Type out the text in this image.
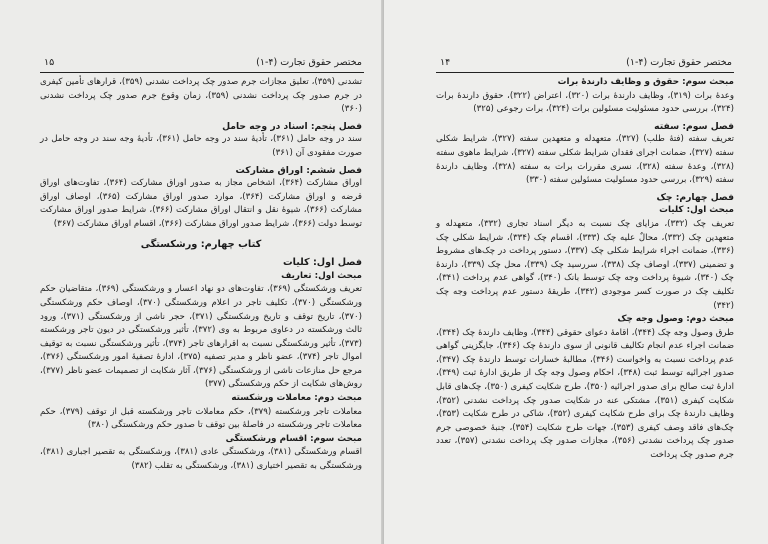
مختصر حقوق تجارت (۴-۱)
۱۵

تشدنی (۳۵۹)، تعلیق مجازات جرم صدور چک پرداخت نشدنی (۳۵۹)، قرارهای تأمین کیفری در جرم صدور چک پرداخت نشدنی (۳۵۹)، زمان وقوع جرم صدور چک پرداخت نشدنی (۳۶۰)

فصل پنجم: اسناد در وجه حامل

سند در وجه حامل (۳۶۱)، تأدیهٔ سند در وجه حامل (۳۶۱)، تأدیهٔ وجه سند در وجه حامل در صورت مفقودی آن (۳۶۱)

فصل ششم: اوراق مشارکت

اوراق مشارکت (۳۶۴)، اشخاص مجاز به صدور اوراق مشارکت (۳۶۴)، تفاوت‌های اوراق قرضه و اوراق مشارکت (۳۶۴)، موارد صدور اوراق مشارکت (۳۶۵)، اوصاف اوراق مشارکت (۳۶۶)، شیوهٔ نقل و انتقال اوراق مشارکت (۳۶۶)، شرایط صدور اوراق مشارکت توسط دولت (۳۶۶)، شرایط صدور اوراق مشارکت (۳۶۶)، اقسام اوراق مشارکت (۳۶۷)

کتاب چهارم: ورشکستگی

فصل اول: کلیات

مبحث اول: تعاریف

تعریف ورشکستگی (۳۶۹)، تفاوت‌های دو نهاد اعسار و ورشکستگی (۳۶۹)، متقاضیان حکم ورشکستگی (۳۷۰)، تکلیف تاجر در اعلام ورشکستگی (۳۷۰)، اوصاف حکم ورشکستگی (۳۷۰)، تاریخ توقف و تاریخ ورشکستگی (۳۷۱)، حجر ناشی از ورشکستگی (۳۷۱)، ورود ثالث ورشکسته در دعاوی مربوط به وی (۳۷۲)، تأثیر ورشکستگی در دیون تاجر ورشکسته (۳۷۳)، تأثیر ورشکستگی نسبت به اقرارهای تاجر (۳۷۴)، تأثیر ورشکستگی نسبت به توقیف اموال تاجر (۳۷۴)، عضو ناظر و مدیر تصفیه (۳۷۵)، ادارهٔ تصفیهٔ امور ورشکستگی (۳۷۶)، مرجع حل منازعات ناشی از ورشکستگی (۳۷۶)، آثار شکایت از تصمیمات عضو ناظر (۳۷۷)، روش‌های شکایت از حکم ورشکستگی (۳۷۷)

مبحث دوم: معاملات ورشکسته

معاملات تاجر ورشکسته (۳۷۹)، حکم معاملات تاجر ورشکسته قبل از توقف (۳۷۹)، حکم معاملات تاجر ورشکسته در فاصلهٔ بین توقف تا صدور حکم ورشکستگی (۳۸۰)

مبحث سوم: اقسام ورشکستگی

اقسام ورشکستگی (۳۸۱)، ورشکستگی عادی (۳۸۱)، ورشکستگی به تقصیر اجباری (۳۸۱)، ورشکستگی به تقصیر اختیاری (۳۸۱)، ورشکستگی به تقلب (۳۸۲)

مختصر حقوق تجارت (۴-۱)
۱۴

مبحث سوم: حقوق و وظایف دارندهٔ برات

وعدهٔ برات (۳۱۹)، وظایف دارندهٔ برات (۳۲۰)، اعتراض (۳۲۲)، حقوق دارندهٔ برات (۳۲۴)، بررسی حدود مسئولیت مسئولین برات (۳۲۴)، برات رجوعی (۳۲۵)

فصل سوم: سفته

تعریف سفته (فتهٔ طلب) (۳۲۷)، متعهدله و متعهدین سفته (۳۲۷)، شرایط شکلی سفته (۳۲۷)، ضمانت اجرای فقدان شرایط شکلی سفته (۳۲۷)، شرایط ماهوی سفته (۳۲۸)، وعدهٔ سفته (۳۲۸)، نسری مقررات برات به سفته (۳۲۸)، وظایف دارندهٔ سفته (۳۲۹)، بررسی حدود مسئولیت مسئولین سفته (۳۳۰)

فصل چهارم: چک

مبحث اول: کلیات

تعریف چک (۳۳۲)، مزایای چک نسبت به دیگر اسناد تجاری (۳۳۲)، متعهدله و متعهدین چک (۳۳۲)، محالٌ علیه چک (۳۳۳)، اقسام چک (۳۳۴)، شرایط شکلی چک (۳۳۶)، ضمانت اجراء شرایط شکلی چک (۳۳۷)، دستور پرداخت در چک‌های مشروط و تضمینی (۳۳۷)، اوصاف چک (۳۳۸)، سررسید چک (۳۳۹)، محل چک (۳۳۹)، دارندهٔ چک (۳۴۰)، شیوهٔ پرداخت وجه چک توسط بانک (۳۴۰)، گواهی عدم پرداخت (۳۴۱)، تکلیف چک در صورت کسر موجودی (۳۴۲)، طریقهٔ دستور عدم پرداخت وجه چک (۳۴۲)

مبحث دوم: وصول وجه چک

طرق وصول وجه چک (۳۴۴)، اقامهٔ دعوای حقوقی (۳۴۴)، وظایف دارندهٔ چک (۳۴۴)، ضمانت اجراء عدم انجام تکالیف قانونی از سوی دارندهٔ چک (۳۴۶)، جایگزینی گواهی عدم پرداخت نسبت به واخواست (۳۴۶)، مطالبهٔ خسارات توسط دارندهٔ چک (۳۴۷)، صدور اجرائیه توسط ثبت (۳۴۸)، احکام وصول وجه چک از طریق ادارهٔ ثبت (۳۴۹)، ادارهٔ ثبت صالح برای صدور اجرائیه (۳۵۰)، طرح شکایت کیفری (۳۵۰)، چک‌های قابل شکایت کیفری (۳۵۱)، مشتکی عنه در شکایت صدور چک پرداخت نشدنی (۳۵۲)، وظایف دارندهٔ چک برای طرح شکایت کیفری (۳۵۲)، شاکی در طرح شکایت (۳۵۳)، چک‌های فاقد وصف کیفری (۳۵۳)، جهات طرح شکایت (۳۵۴)، جنبهٔ خصوصی جرم صدور چک پرداخت نشدنی (۳۵۶)، مجازات صدور چک پرداخت نشدنی (۳۵۷)، تعدد جرم صدور چک پرداخت
